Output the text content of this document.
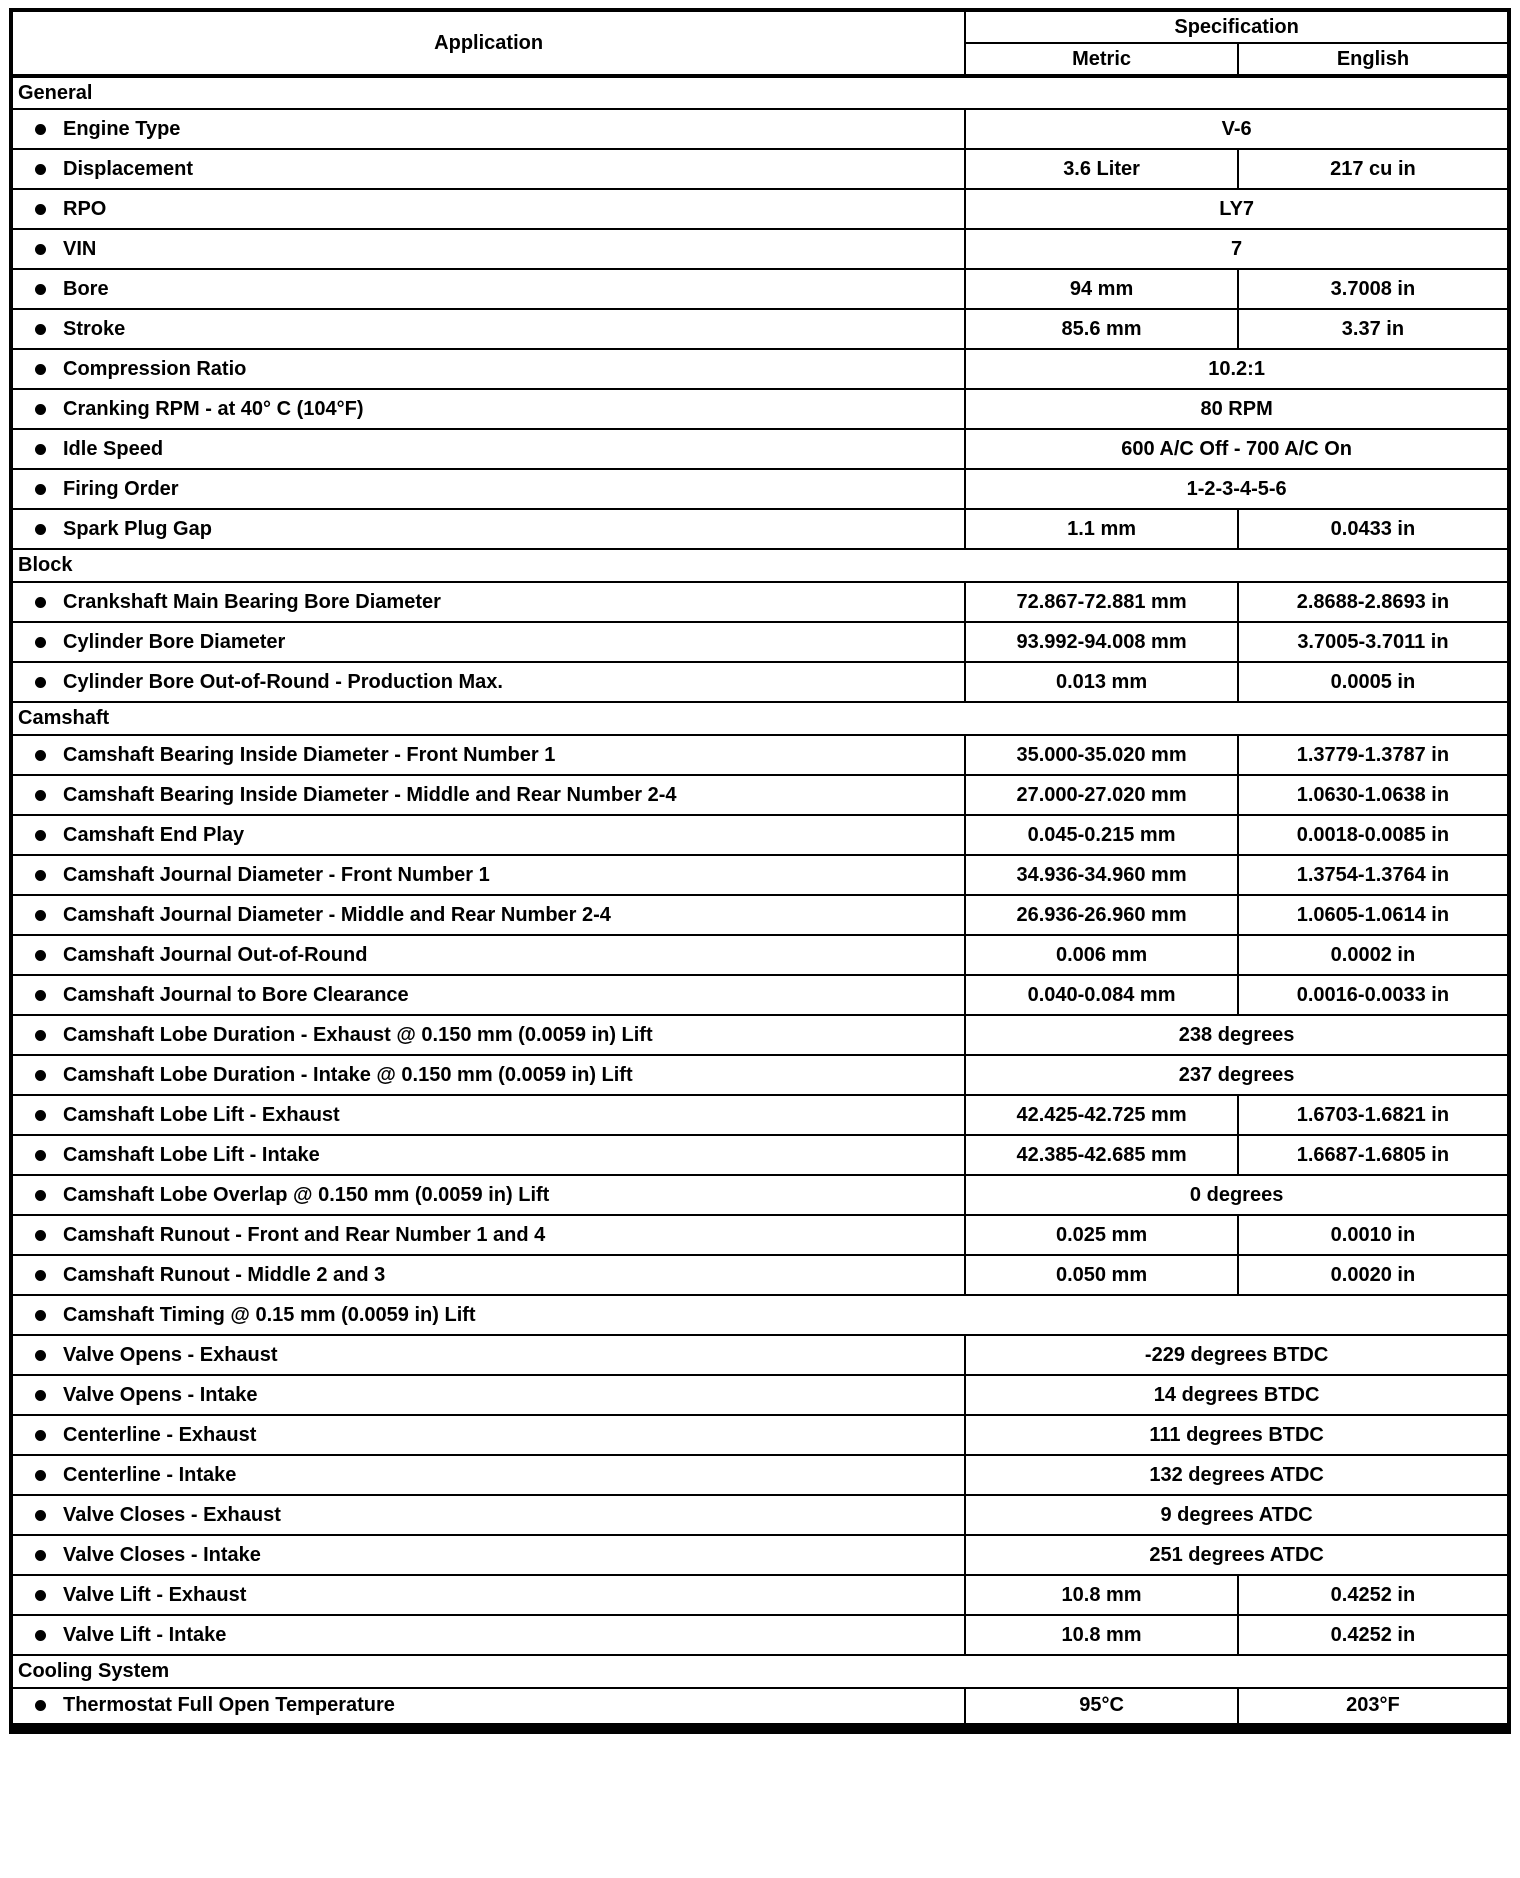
Application	Specification	
	Metric	English
General		

Engine Type	V-6	

Displacement	3.6 Liter	217 cu in

RPO	LY7	

VIN	7	

Bore	94 mm	3.7008 in

Stroke	85.6 mm	3.37 in

Compression Ratio	10.2:1	

Cranking RPM - at 40° C (104°F)	80 RPM	

Idle Speed	600 A/C Off - 700 A/C On	

Firing Order	1-2-3-4-5-6	

Spark Plug Gap	1.1 mm	0.0433 in
Block		

Crankshaft Main Bearing Bore Diameter	72.867-72.881 mm	2.8688-2.8693 in

Cylinder Bore Diameter	93.992-94.008 mm	3.7005-3.7011 in

Cylinder Bore Out-of-Round - Production Max.	0.013 mm	0.0005 in
Camshaft		

Camshaft Bearing Inside Diameter - Front Number 1	35.000-35.020 mm	1.3779-1.3787 in

Camshaft Bearing Inside Diameter - Middle and Rear Number 2-4	27.000-27.020 mm	1.0630-1.0638 in

Camshaft End Play	0.045-0.215 mm	0.0018-0.0085 in

Camshaft Journal Diameter - Front Number 1	34.936-34.960 mm	1.3754-1.3764 in

Camshaft Journal Diameter - Middle and Rear Number 2-4	26.936-26.960 mm	1.0605-1.0614 in

Camshaft Journal Out-of-Round	0.006 mm	0.0002 in

Camshaft Journal to Bore Clearance	0.040-0.084 mm	0.0016-0.0033 in

Camshaft Lobe Duration - Exhaust @ 0.150 mm (0.0059 in) Lift	238 degrees	

Camshaft Lobe Duration - Intake @ 0.150 mm (0.0059 in) Lift	237 degrees	

Camshaft Lobe Lift - Exhaust	42.425-42.725 mm	1.6703-1.6821 in

Camshaft Lobe Lift - Intake	42.385-42.685 mm	1.6687-1.6805 in

Camshaft Lobe Overlap @ 0.150 mm (0.0059 in) Lift	0 degrees	

Camshaft Runout - Front and Rear Number 1 and 4	0.025 mm	0.0010 in

Camshaft Runout - Middle 2 and 3	0.050 mm	0.0020 in

Camshaft Timing @ 0.15 mm (0.0059 in) Lift		

Valve Opens - Exhaust	-229 degrees BTDC	

Valve Opens - Intake	14 degrees BTDC	

Centerline - Exhaust	111 degrees BTDC	

Centerline - Intake	132 degrees ATDC	

Valve Closes - Exhaust	9 degrees ATDC	

Valve Closes - Intake	251 degrees ATDC	

Valve Lift - Exhaust	10.8 mm	0.4252 in

Valve Lift - Intake	10.8 mm	0.4252 in
Cooling System		

Thermostat Full Open Temperature	95°C	203°F
